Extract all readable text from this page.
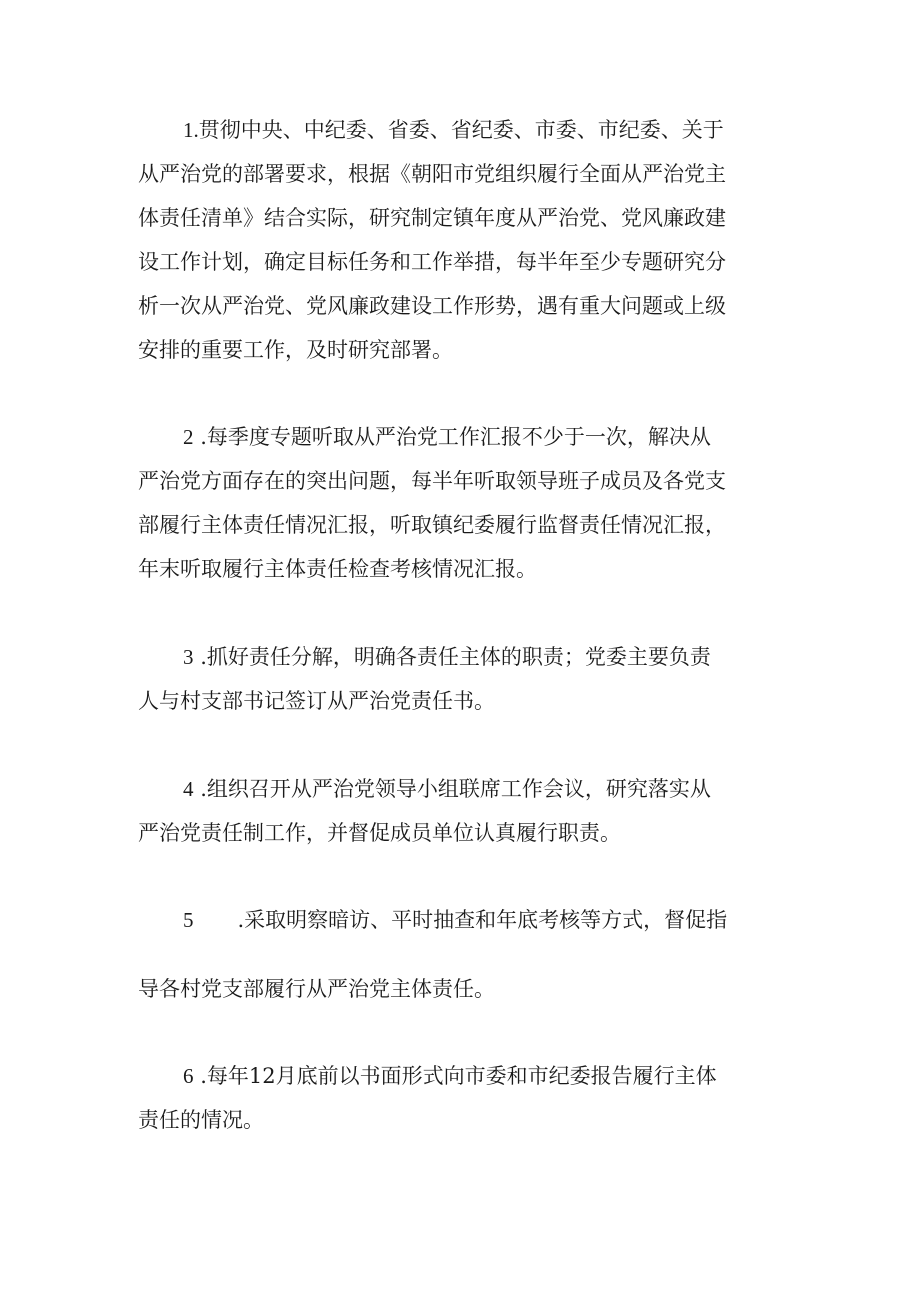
1.贯彻中央、中纪委、省委、省纪委、市委、市纪委、关于
从严治党的部署要求，根据《朝阳市党组织履行全面从严治党主
体责任清单》结合实际，研究制定镇年度从严治党、党风廉政建
设工作计划，确定目标任务和工作举措，每半年至少专题研究分
析一次从严治党、党风廉政建设工作形势，遇有重大问题或上级
安排的重要工作，及时研究部署。
2 .每季度专题听取从严治党工作汇报不少于一次，解决从
严治党方面存在的突出问题，每半年听取领导班子成员及各党支
部履行主体责任情况汇报，听取镇纪委履行监督责任情况汇报，
年末听取履行主体责任检查考核情况汇报。
3 .抓好责任分解，明确各责任主体的职责；党委主要负责
人与村支部书记签订从严治党责任书。
4 .组织召开从严治党领导小组联席工作会议，研究落实从
严治党责任制工作，并督促成员单位认真履行职责。
5 .采取明察暗访、平时抽查和年底考核等方式，督促指
导各村党支部履行从严治党主体责任。
6 .每年12月底前以书面形式向市委和市纪委报告履行主体
责任的情况。
